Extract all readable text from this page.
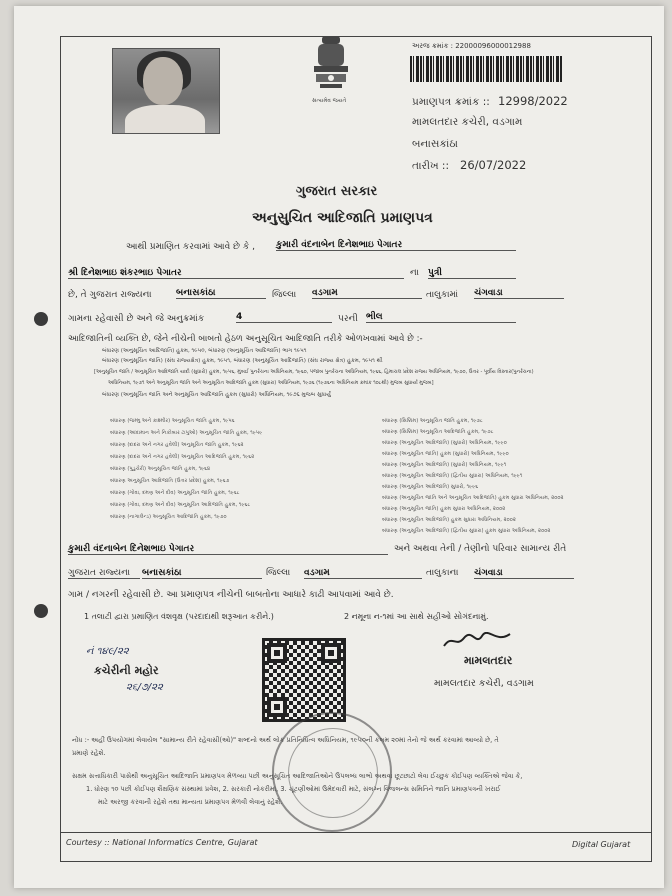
સત્યમેવ જયતે
અરજ ક્રમાંક : 22000096000012988
પ્રમાણપત્ર ક્રમાંક :: 12998/2022
મામલતદાર કચેરી, વડગામ
બનાસકાંઠા
તારીખ :: 26/07/2022
ગુજરાત સરકાર
અનુસુચિત આદિજાતિ પ્રમાણપત્ર
આથી પ્રમાણિત કરવામાં આવે છે કે , કુમારી વંદનાબેન દિનેશભાઇ પેગાતર
શ્રી દિનેશભાઇ શંકરભાઇ પેગાતર	ના પુત્રી
છે, તે ગુજરાત રાજ્યના	બનાસકાંઠા	જિલ્લા વડગામ	તાલુકામાં ચંગવાડા
ગામના રહેવાસી છે અને જે અનુક્રમાંક	4	પરની ભીલ
આદિજાતિની વ્યક્તિ છે, જેને નીચેની બાબતો હેઠળ અનુસૂચિત આદિજાતિ તરીકે ઓળખવામાં આવે છે :-
બંધારણ (અનુસૂચિત આદિજાતિ) હુકમ, ૧૯૫૦, બંધારણ (અનુસૂચિત આદિજાતિ) ભાગ ૧૯૫૧
બંધારણ (અનુસૂચિત જાતિ) (સંઘ રાજ્યક્ષેત્ર) હુકમ, ૧૯૫૧, બંધારણ (અનુસૂચિત આદિજાતિ) (સંઘ રાજ્ય ક્ષેત્ર) હુકમ, ૧૯૫૧ થી
[અનુસૂચિત જાતિ / અનુસૂચિત આદિજાતિ યાદી (સુધારો) હુકમ, ૧૯૫૬, મુંબઈ પુનર્રચના અધિનિયમ, ૧૯૬૦, પંજાબ પુનર્રચના અધિનિયમ, ૧૯૬૬, હિમાચલ પ્રદેશ રાજ્ય અધિનિયમ, ૧૯૭૦, ઉત્તર - પૂર્વીય વિસ્તાર(પુનર્રચના)
અધિનિયમ, ૧૯૭૧ અને અનુસૂચિત જાતિ અને અનુસૂચિત આદિજાતિ હુકમ (સુધારા) અધિનિયમ, ૧૯૭૬ (૧૯૭૬ના અધિનિયમ ક્રમાંક ૧૦૮થી) મુજબ સુધાર્યા મુજબ]
બંધારણ (અનુસૂચિત જાતિ અને અનુસૂચિત આદિજાતિ હુકમ (સુધારો) અધિનિયમ, ૧૯૭૬ મુજબ સુધાર્યું
બંધારણ (જમ્મુ અને કાશ્મીર) અનુસૂચિત જાતિ હુકમ, ૧૯૫૬
બંધારણ (આંદામાન અને નિકોબાર ટાપુઓ) અનુસૂચિત જાતિ હુકમ, ૧૯૫૯
બંધારણ (દાદરા અને નગર હવેલી) અનુસૂચિત જાતિ હુકમ, ૧૯૬૨
બંધારણ (દાદરા અને નગર હવેલી) અનુસૂચિત આદિજાતિ હુકમ, ૧૯૬૨
બંધારણ (પુડુચેરી) અનુસૂચિત જાતિ હુકમ, ૧૯૬૪
બંધારણ અનુસૂચિત આદિજાતિ (ઉત્તર પ્રદેશ) હુકમ, ૧૯૬૭
બંધારણ (ગોવા, દમણ અને દીવ) અનુસૂચિત જાતિ હુકમ, ૧૯૬૮
બંધારણ (ગોવા, દમણ અને દીવ) અનુસૂચિત આદિજાતિ હુકમ, ૧૯૬૮
બંધારણ (નાગાલેન્ડ) અનુસૂચિત આદિજાતિ હુકમ, ૧૯૭૦
બંધારણ (સિક્કિમ) અનુસૂચિત જાતિ હુકમ, ૧૯૭૮
બંધારણ (સિક્કિમ) અનુસૂચિત આદિજાતિ હુકમ, ૧૯૭૮
બંધારણ (અનુસૂચિત આદિજાતિ) (સુધારો) અધિનિયમ, ૧૯૯૦
બંધારણ (અનુસૂચિત જાતિ) હુકમ (સુધારો) અધિનિયમ, ૧૯૯૦
બંધારણ (અનુસૂચિત આદિજાતિ) (સુધારો) અધિનિયમ, ૧૯૯૧
બંધારણ (અનુસૂચિત આદિજાતિ) (દ્વિતીય સુધારા) અધિનિયમ, ૧૯૯૧
બંધારણ (અનુસૂચિત આદિજાતિ) સુધારો, ૧૯૯૬
બંધારણ (અનુસૂચિત જાતિ અને અનુસૂચિત આદિજાતિ) હુકમ સુધારા અધિનિયમ, ૨૦૦૨
બંધારણ (અનુસૂચિત જાતિ) હુકમ સુધારા અધિનિયમ, ૨૦૦૨
બંધારણ (અનુસૂચિત આદિજાતિ) હુકમ સુધારા અધિનિયમ, ૨૦૦૨
બંધારણ (અનુસૂચિત આદિજાતિ) (દ્વિતીય સુધારા) હુકમ સુધારા અધિનિયમ, ૨૦૦૨
કુમારી વંદનાબેન દિનેશભાઇ પેગાતર	અને અથવા તેની / તેણીનો પરિવાર સામાન્ય રીતે
ગુજરાત રાજ્યના	બનાસકાંઠા	જિલ્લા વડગામ	તાલુકાના ચંગવાડા
ગામ / નગરની રહેવાસી છે. આ પ્રમાણપત્ર નીચેની બાબતોના આધારે કાઢી આપવામાં આવે છે.
1 તલાટી દ્વારા પ્રમાણિત વંશવૃક્ષ (પરદાદાથી શરૂઆત કરીને.)	2 નમૂના ન-૧માં આ સાથે સહીઓ સોગંદનામું.
નં ૧૪૯/૨૨
કચેરીની મહોર
૨૬/૭/૨૨
મામલતદાર
મામલતદાર કચેરી, વડગામ
નોંધ :- અહીં ઉપયોગમાં લેવાયેલ "સામાન્ય રીતે રહેવાસી(ઓ)" શબ્દનો અર્થ લોક પ્રતિનિધિત્વ અધિનિયમ, ૧૯૫૦ની કલમ ૨૦માં તેનો જે અર્થ કરવામાં આવ્યો છે, તે
પ્રમાણે રહેશે.
સક્ષમ સત્તાધિકારી પાસેથી અનુસૂચિત આદિજાતિ પ્રમાણપત્ર મેળવ્યા પછી અનુસૂચિત આદિજાતિઓને ઉપલબ્ધ લાભો અથવા છૂટછાટો લેવા ઈચ્છુક કોઈપણ વ્યક્તિએ જેવા કે,
1. ધોરણ ૧૦ પછી કોઈપણ શૈક્ષણિક સંસ્થામાં પ્રવેશ, 2. સરકારી નોકરીમાં, 3. ચૂંટણીઓમાં ઉમેદવારી માટે, સંલગ્ન વિજલન્સ સમિતિને જાતિ પ્રમાણપત્રની ખરાઈ
માટે અરજી કરવાની રહેશે તથા માન્યતા પ્રમાણપત્ર મેળવી લેવાનું રહેશે.
Courtesy :: National Informatics Centre, Gujarat	Digital Gujarat
